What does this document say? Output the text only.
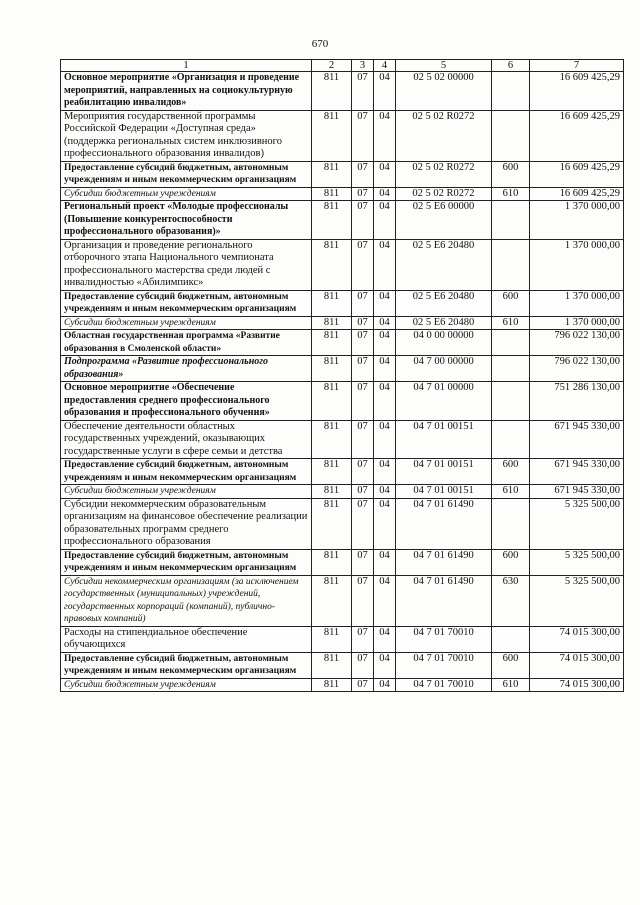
670
1	2	3	4	5	6	7
Основное мероприятие «Организация и проведение мероприятий, направленных на социокультурную реабилитацию инвалидов»	811	07	04	02 5 02 00000		16 609 425,29
Мероприятия государственной программы Российской Федерации «Доступная среда» (поддержка региональных систем инклюзивного профессионального образования инвалидов)	811	07	04	02 5 02 R0272		16 609 425,29
Предоставление субсидий бюджетным, автономным учреждениям и иным некоммерческим организациям	811	07	04	02 5 02 R0272	600	16 609 425,29
Субсидии бюджетным учреждениям	811	07	04	02 5 02 R0272	610	16 609 425,29
Региональный проект «Молодые профессионалы (Повышение конкурентоспособности профессионального образования)»	811	07	04	02 5 E6 00000		1 370 000,00
Организация и проведение регионального отборочного этапа Национального чемпионата профессионального мастерства среди людей с инвалидностью «Абилимпикс»	811	07	04	02 5 E6 20480		1 370 000,00
Предоставление субсидий бюджетным, автономным учреждениям и иным некоммерческим организациям	811	07	04	02 5 E6 20480	600	1 370 000,00
Субсидии бюджетным учреждениям	811	07	04	02 5 E6 20480	610	1 370 000,00
Областная государственная программа «Развитие образования в Смоленской области»	811	07	04	04 0 00 00000		796 022 130,00
Подпрограмма «Развитие профессионального образования»	811	07	04	04 7 00 00000		796 022 130,00
Основное мероприятие «Обеспечение предоставления среднего профессионального образования и профессионального обучения»	811	07	04	04 7 01 00000		751 286 130,00
Обеспечение деятельности областных государственных учреждений, оказывающих государственные услуги в сфере семьи и детства	811	07	04	04 7 01 00151		671 945 330,00
Предоставление субсидий бюджетным, автономным учреждениям и иным некоммерческим организациям	811	07	04	04 7 01 00151	600	671 945 330,00
Субсидии бюджетным учреждениям	811	07	04	04 7 01 00151	610	671 945 330,00
Субсидии некоммерческим образовательным организациям на финансовое обеспечение реализации образовательных программ среднего профессионального образования	811	07	04	04 7 01 61490		5 325 500,00
Предоставление субсидий бюджетным, автономным учреждениям и иным некоммерческим организациям	811	07	04	04 7 01 61490	600	5 325 500,00
Субсидии некоммерческим организациям (за исключением государственных (муниципальных) учреждений, государственных корпораций (компаний), публично-правовых компаний)	811	07	04	04 7 01 61490	630	5 325 500,00
Расходы на стипендиальное обеспечение обучающихся	811	07	04	04 7 01 70010		74 015 300,00
Предоставление субсидий бюджетным, автономным учреждениям и иным некоммерческим организациям	811	07	04	04 7 01 70010	600	74 015 300,00
Субсидии бюджетным учреждениям	811	07	04	04 7 01 70010	610	74 015 300,00
